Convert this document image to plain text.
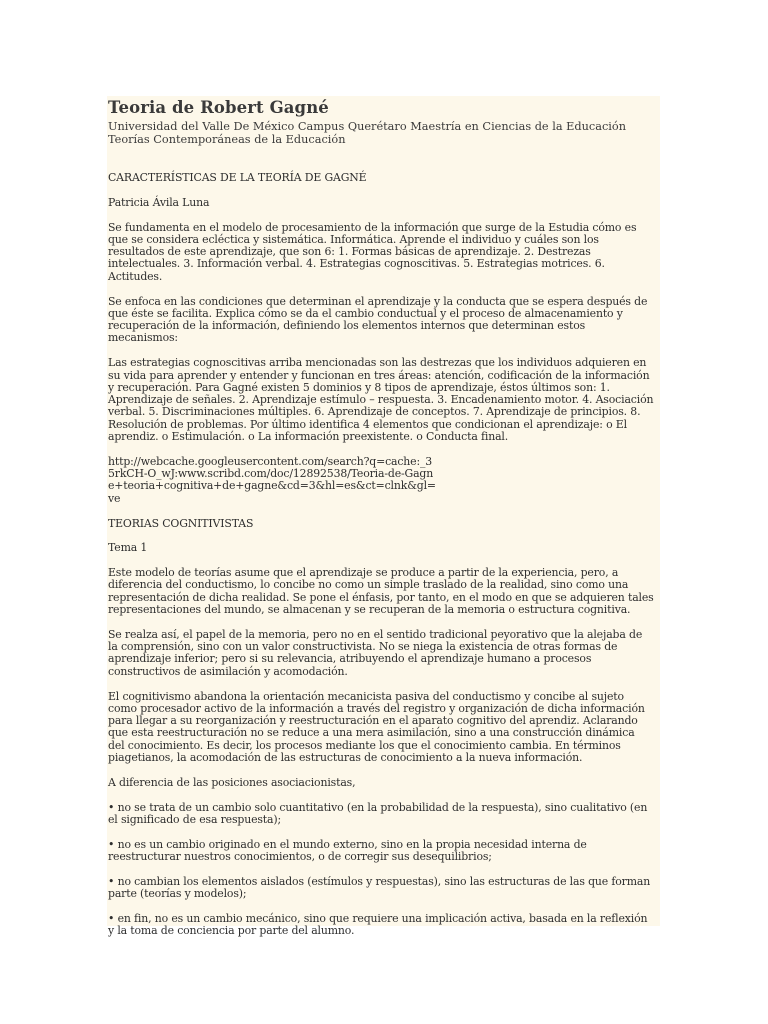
Teoria de Robert Gagné

Universidad del Valle De México Campus Querétaro Maestría en Ciencias de la Educación Teorías Contemporáneas de la Educación

CARACTERÍSTICAS DE LA TEORÍA DE GAGNÉ

Patricia Ávila Luna

Se fundamenta en el modelo de procesamiento de la información que surge de la Estudia cómo es que se considera ecléctica y sistemática. Informática. Aprende el individuo y cuáles son los resultados de este aprendizaje, que son 6: 1. Formas básicas de aprendizaje. 2. Destrezas intelectuales. 3. Información verbal. 4. Estrategias cognoscitivas. 5. Estrategias motrices. 6. Actitudes.

Se enfoca en las condiciones que determinan el aprendizaje y la conducta que se espera después de que éste se facilita. Explica cómo se da el cambio conductual y el proceso de almacenamiento y recuperación de la información, definiendo los elementos internos que determinan estos mecanismos:

Las estrategias cognoscitivas arriba mencionadas son las destrezas que los individuos adquieren en su vida para aprender y entender y funcionan en tres áreas: atención, codificación de la información y recuperación. Para Gagné existen 5 dominios y 8 tipos de aprendizaje, éstos últimos son: 1. Aprendizaje de señales. 2. Aprendizaje estímulo – respuesta. 3. Encadenamiento motor. 4. Asociación verbal. 5. Discriminaciones múltiples. 6. Aprendizaje de conceptos. 7. Aprendizaje de principios. 8. Resolución de problemas. Por último identifica 4 elementos que condicionan el aprendizaje: o El aprendiz. o Estimulación. o La información preexistente. o Conducta final.

http://webcache.googleusercontent.com/search?q=cache:_35rkCH-O_wJ:www.scribd.com/doc/12892538/Teoria-de-Gagne+teoria+cognitiva+de+gagne&cd=3&hl=es&ct=clnk&gl=ve

TEORIAS COGNITIVISTAS

Tema 1

Este modelo de teorías asume que el aprendizaje se produce a partir de la experiencia, pero, a diferencia del conductismo, lo concibe no como un simple traslado de la realidad, sino como una representación de dicha realidad. Se pone el énfasis, por tanto, en el modo en que se adquieren tales representaciones del mundo, se almacenan y se recuperan de la memoria o estructura cognitiva.

Se realza así, el papel de la memoria, pero no en el sentido tradicional peyorativo que la alejaba de la comprensión, sino con un valor constructivista. No se niega la existencia de otras formas de aprendizaje inferior; pero si su relevancia, atribuyendo el aprendizaje humano a procesos constructivos de asimilación y acomodación.

El cognitivismo abandona la orientación mecanicista pasiva del conductismo y concibe al sujeto como procesador activo de la información a través del registro y organización de dicha información para llegar a su reorganización y reestructuración en el aparato cognitivo del aprendiz. Aclarando que esta reestructuración no se reduce a una mera asimilación, sino a una construcción dinámica del conocimiento. Es decir, los procesos mediante los que el conocimiento cambia. En términos piagetianos, la acomodación de las estructuras de conocimiento a la nueva información.

A diferencia de las posiciones asociacionistas,

• no se trata de un cambio solo cuantitativo (en la probabilidad de la respuesta), sino cualitativo (en el significado de esa respuesta);

• no es un cambio originado en el mundo externo, sino en la propia necesidad interna de reestructurar nuestros conocimientos, o de corregir sus desequilibrios;

• no cambian los elementos aislados (estímulos y respuestas), sino las estructuras de las que forman parte (teorías y modelos);

• en fin, no es un cambio mecánico, sino que requiere una implicación activa, basada en la reflexión y la toma de conciencia por parte del alumno.
